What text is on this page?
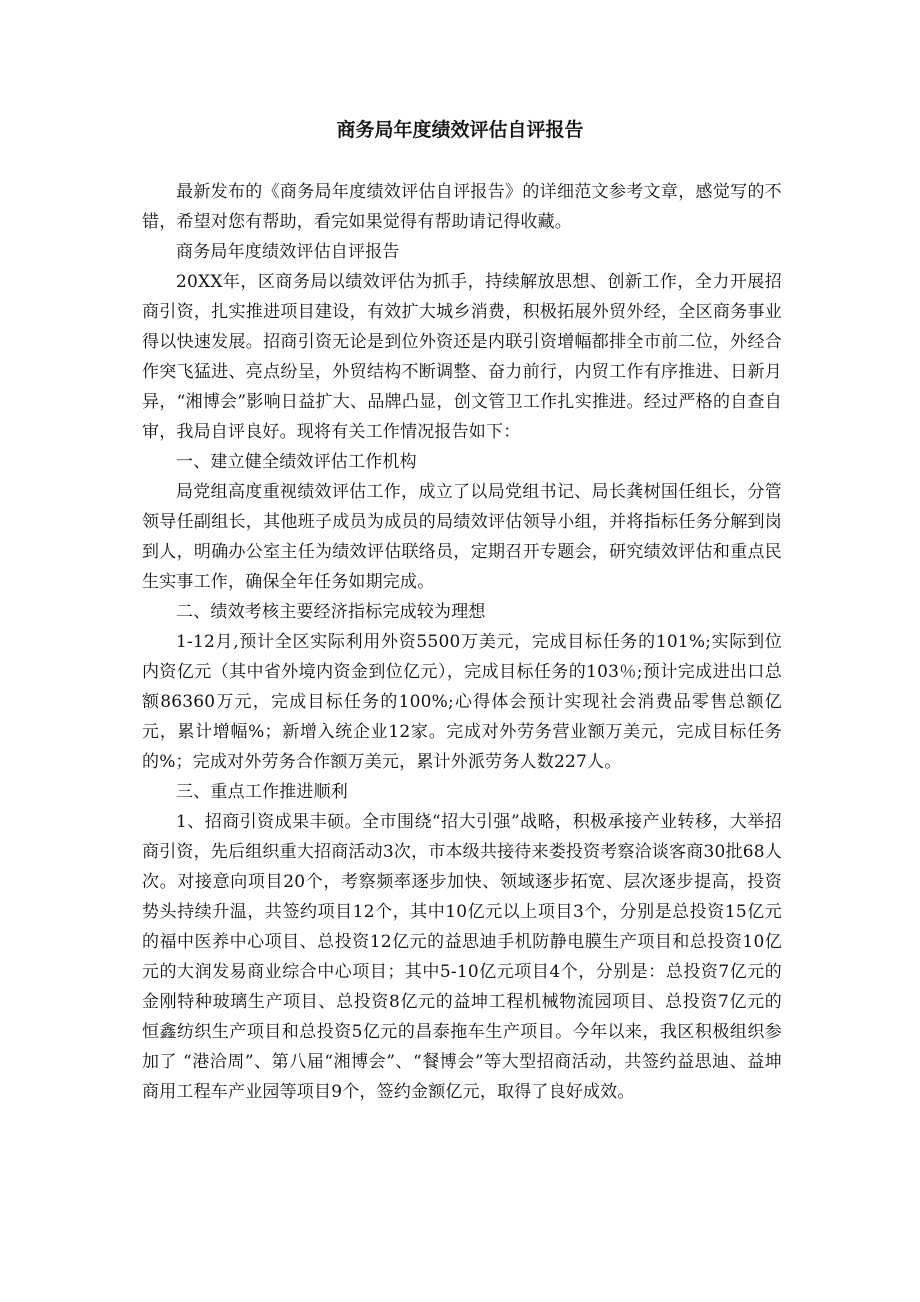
商务局年度绩效评估自评报告

最新发布的《商务局年度绩效评估自评报告》的详细范文参考文章，感觉写的不错，希望对您有帮助，看完如果觉得有帮助请记得收藏。

商务局年度绩效评估自评报告

20XX年，区商务局以绩效评估为抓手，持续解放思想、创新工作，全力开展招商引资，扎实推进项目建设，有效扩大城乡消费，积极拓展外贸外经，全区商务事业得以快速发展。招商引资无论是到位外资还是内联引资增幅都排全市前二位，外经合作突飞猛进、亮点纷呈，外贸结构不断调整、奋力前行，内贸工作有序推进、日新月异，“湘博会”影响日益扩大、品牌凸显，创文管卫工作扎实推进。经过严格的自查自审，我局自评良好。现将有关工作情况报告如下：

一、建立健全绩效评估工作机构

局党组高度重视绩效评估工作，成立了以局党组书记、局长龚树国任组长，分管领导任副组长，其他班子成员为成员的局绩效评估领导小组，并将指标任务分解到岗到人，明确办公室主任为绩效评估联络员，定期召开专题会，研究绩效评估和重点民生实事工作，确保全年任务如期完成。

二、绩效考核主要经济指标完成较为理想

1-12月,预计全区实际利用外资5500万美元，完成目标任务的101%;实际到位内资亿元（其中省外境内资金到位亿元），完成目标任务的103％;预计完成进出口总额86360万元，完成目标任务的100%;心得体会预计实现社会消费品零售总额亿元，累计增幅%；新增入统企业12家。完成对外劳务营业额万美元，完成目标任务的%；完成对外劳务合作额万美元，累计外派劳务人数227人。

三、重点工作推进顺利

1、招商引资成果丰硕。全市围绕“招大引强”战略，积极承接产业转移，大举招商引资，先后组织重大招商活动3次，市本级共接待来娄投资考察洽谈客商30批68人次。对接意向项目20个，考察频率逐步加快、领域逐步拓宽、层次逐步提高，投资势头持续升温，共签约项目12个，其中10亿元以上项目3个，分别是总投资15亿元的福中医养中心项目、总投资12亿元的益思迪手机防静电膜生产项目和总投资10亿元的大润发易商业综合中心项目；其中5-10亿元项目4个，分别是：总投资7亿元的金刚特种玻璃生产项目、总投资8亿元的益坤工程机械物流园项目、总投资7亿元的恒鑫纺织生产项目和总投资5亿元的昌泰拖车生产项目。今年以来，我区积极组织参加了 “港洽周”、第八届“湘博会”、“餐博会”等大型招商活动，共签约益思迪、益坤商用工程车产业园等项目9个，签约金额亿元，取得了良好成效。
